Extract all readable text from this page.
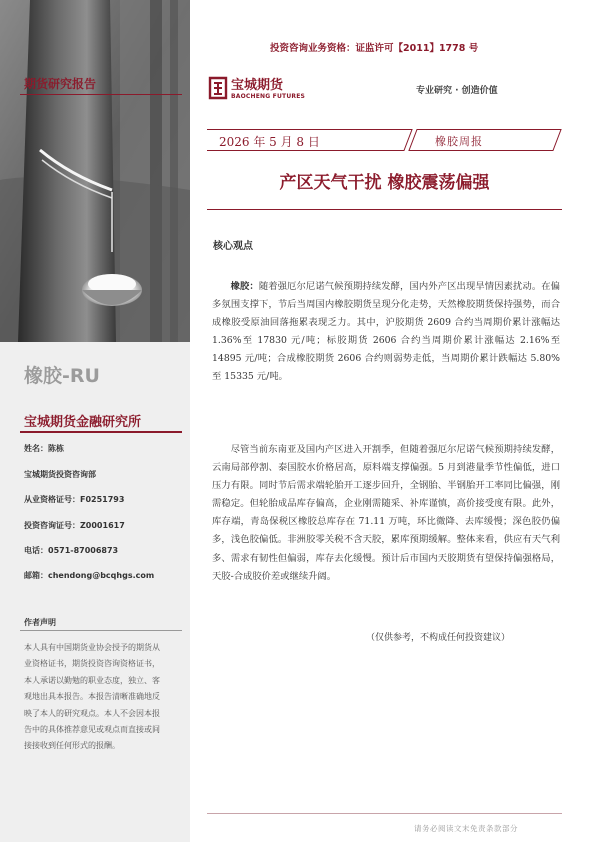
期货研究报告
橡胶-RU
宝城期货金融研究所
姓名：陈栋
宝城期货投资咨询部
从业资格证号：F0251793
投资咨询证号：Z0001617
电话：0571-87006873
邮箱：chendong@bcqhgs.com
作者声明
本人具有中国期货业协会授予的期货从业资格证书，期货投资咨询资格证书，本人承诺以勤勉的职业态度，独立、客观地出具本报告。本报告清晰准确地反映了本人的研究观点。本人不会因本报告中的具体推荐意见或观点而直接或间接接收到任何形式的报酬。
投资咨询业务资格：证监许可【2011】1778 号
宝城期货
BAOCHENG FUTURES
专业研究 · 创造价值
2026 年 5 月 8 日	橡胶周报
产区天气干扰 橡胶震荡偏强
核心观点
橡胶：随着强厄尔尼诺气候预期持续发酵，国内外产区出现旱情因素扰动。在偏多氛围支撑下，节后当周国内橡胶期货呈现分化走势，天然橡胶期货保持强势，而合成橡胶受原油回落拖累表现乏力。其中，沪胶期货 2609 合约当周期价累计涨幅达 1.36%至 17830 元/吨；标胶期货 2606 合约当周期价累计涨幅达 2.16%至 14895 元/吨；合成橡胶期货 2606 合约则弱势走低，当周期价累计跌幅达 5.80%至 15335 元/吨。
尽管当前东南亚及国内产区进入开割季，但随着强厄尔尼诺气候预期持续发酵，云南局部停割、泰国胶水价格居高，原料端支撑偏强。5 月到港量季节性偏低，进口压力有限。同时节后需求端轮胎开工逐步回升，全钢胎、半钢胎开工率同比偏强，刚需稳定。但轮胎成品库存偏高，企业刚需随采、补库谨慎，高价接受度有限。此外，库存端，青岛保税区橡胶总库存在 71.11 万吨，环比微降、去库缓慢；深色胶仍偏多，浅色胶偏低。非洲胶零关税不含天胶，累库预期缓解。整体来看，供应有天气利多、需求有韧性但偏弱，库存去化缓慢。预计后市国内天胶期货有望保持偏强格局，天胶-合成胶价差或继续升阔。
（仅供参考，不构成任何投资建议）
请务必阅读文末免责条款部分
